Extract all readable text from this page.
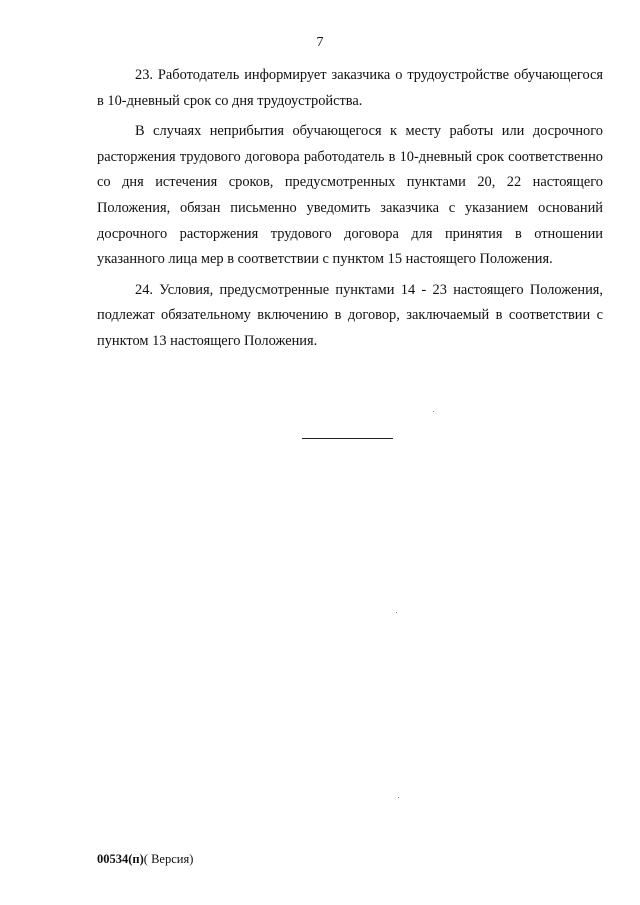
7

23. Работодатель информирует заказчика о трудоустройстве обучающегося в 10-дневный срок со дня трудоустройства.

В случаях неприбытия обучающегося к месту работы или досрочного расторжения трудового договора работодатель в 10-дневный срок соответственно со дня истечения сроков, предусмотренных пунктами 20, 22 настоящего Положения, обязан письменно уведомить заказчика с указанием оснований досрочного расторжения трудового договора для принятия в отношении указанного лица мер в соответствии с пунктом 15 настоящего Положения.

24. Условия, предусмотренные пунктами 14 - 23 настоящего Положения, подлежат обязательному включению в договор, заключаемый в соответствии с пунктом 13 настоящего Положения.

00534(п)( Версия)
